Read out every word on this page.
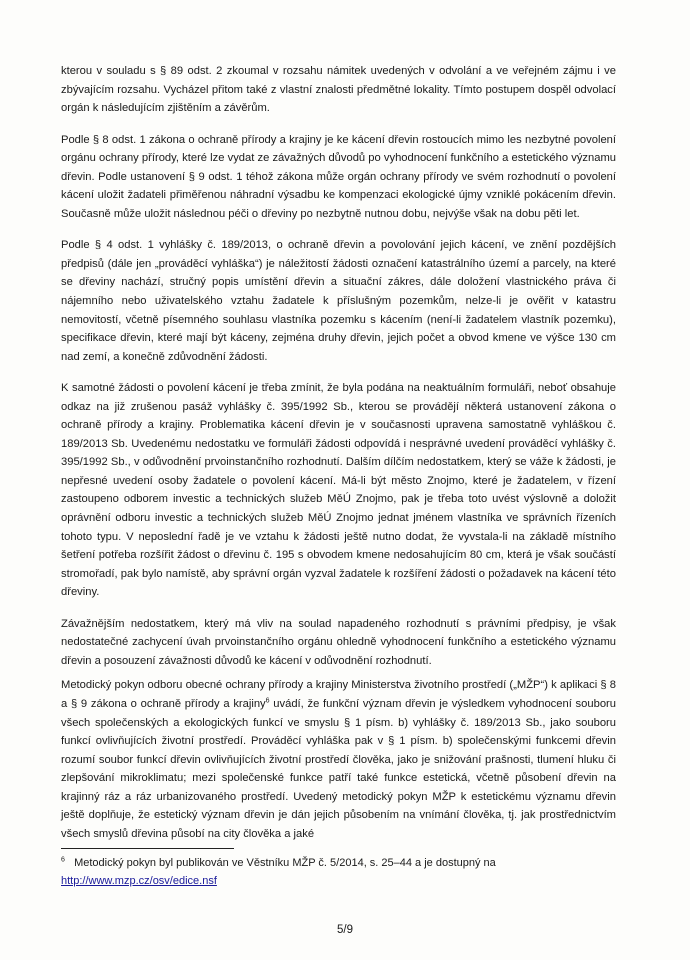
kterou v souladu s § 89 odst. 2 zkoumal v rozsahu námitek uvedených v odvolání a ve veřejném zájmu i ve zbývajícím rozsahu. Vycházel přitom také z vlastní znalosti předmětné lokality. Tímto postupem dospěl odvolací orgán k následujícím zjištěním a závěrům.

Podle § 8 odst. 1 zákona o ochraně přírody a krajiny je ke kácení dřevin rostoucích mimo les nezbytné povolení orgánu ochrany přírody, které lze vydat ze závažných důvodů po vyhodnocení funkčního a estetického významu dřevin. Podle ustanovení § 9 odst. 1 téhož zákona může orgán ochrany přírody ve svém rozhodnutí o povolení kácení uložit žadateli přiměřenou náhradní výsadbu ke kompenzaci ekologické újmy vzniklé pokácením dřevin. Současně může uložit následnou péči o dřeviny po nezbytně nutnou dobu, nejvýše však na dobu pěti let.

Podle § 4 odst. 1 vyhlášky č. 189/2013, o ochraně dřevin a povolování jejich kácení, ve znění pozdějších předpisů (dále jen „prováděcí vyhláška“) je náležitostí žádosti označení katastrálního území a parcely, na které se dřeviny nachází, stručný popis umístění dřevin a situační zákres, dále doložení vlastnického práva či nájemního nebo uživatelského vztahu žadatele k příslušným pozemkům, nelze-li je ověřit v katastru nemovitostí, včetně písemného souhlasu vlastníka pozemku s kácením (není-li žadatelem vlastník pozemku), specifikace dřevin, které mají být káceny, zejména druhy dřevin, jejich počet a obvod kmene ve výšce 130 cm nad zemí, a konečně zdůvodnění žádosti.

K samotné žádosti o povolení kácení je třeba zmínit, že byla podána na neaktuálním formuláři, neboť obsahuje odkaz na již zrušenou pasáž vyhlášky č. 395/1992 Sb., kterou se provádějí některá ustanovení zákona o ochraně přírody a krajiny. Problematika kácení dřevin je v současnosti upravena samostatně vyhláškou č. 189/2013 Sb. Uvedenému nedostatku ve formuláři žádosti odpovídá i nesprávné uvedení prováděcí vyhlášky č. 395/1992 Sb., v odůvodnění prvoinstančního rozhodnutí. Dalším dílčím nedostatkem, který se váže k žádosti, je nepřesné uvedení osoby žadatele o povolení kácení. Má-li být město Znojmo, které je žadatelem, v řízení zastoupeno odborem investic a technických služeb MěÚ Znojmo, pak je třeba toto uvést výslovně a doložit oprávnění odboru investic a technických služeb MěÚ Znojmo jednat jménem vlastníka ve správních řízeních tohoto typu. V neposlední řadě je ve vztahu k žádosti ještě nutno dodat, že vyvstala-li na základě místního šetření potřeba rozšířit žádost o dřevinu č. 195 s obvodem kmene nedosahujícím 80 cm, která je však součástí stromořadí, pak bylo namístě, aby správní orgán vyzval žadatele k rozšíření žádosti o požadavek na kácení této dřeviny.

Závažnějším nedostatkem, který má vliv na soulad napadeného rozhodnutí s právními předpisy, je však nedostatečné zachycení úvah prvoinstančního orgánu ohledně vyhodnocení funkčního a estetického významu dřevin a posouzení závažnosti důvodů ke kácení v odůvodnění rozhodnutí.

Metodický pokyn odboru obecné ochrany přírody a krajiny Ministerstva životního prostředí („MŽP“) k aplikaci § 8 a § 9 zákona o ochraně přírody a krajiny$^6$ uvádí, že funkční význam dřevin je výsledkem vyhodnocení souboru všech společenských a ekologických funkcí ve smyslu § 1 písm. b) vyhlášky č. 189/2013 Sb., jako souboru funkcí ovlivňujících životní prostředí. Prováděcí vyhláška pak v § 1 písm. b) společenskými funkcemi dřevin rozumí soubor funkcí dřevin ovlivňujících životní prostředí člověka, jako je snižování prašnosti, tlumení hluku či zlepšování mikroklimatu; mezi společenské funkce patří také funkce estetická, včetně působení dřevin na krajinný ráz a ráz urbanizovaného prostředí. Uvedený metodický pokyn MŽP k estetickému významu dřevin ještě doplňuje, že estetický význam dřevin je dán jejich působením na vnímání člověka, tj. jak prostřednictvím všech smyslů dřevina působí na city člověka a jaké

$^6$ Metodický pokyn byl publikován ve Věstníku MŽP č. 5/2014, s. 25–44 a je dostupný na
http://www.mzp.cz/osv/edice.nsf
5/9
